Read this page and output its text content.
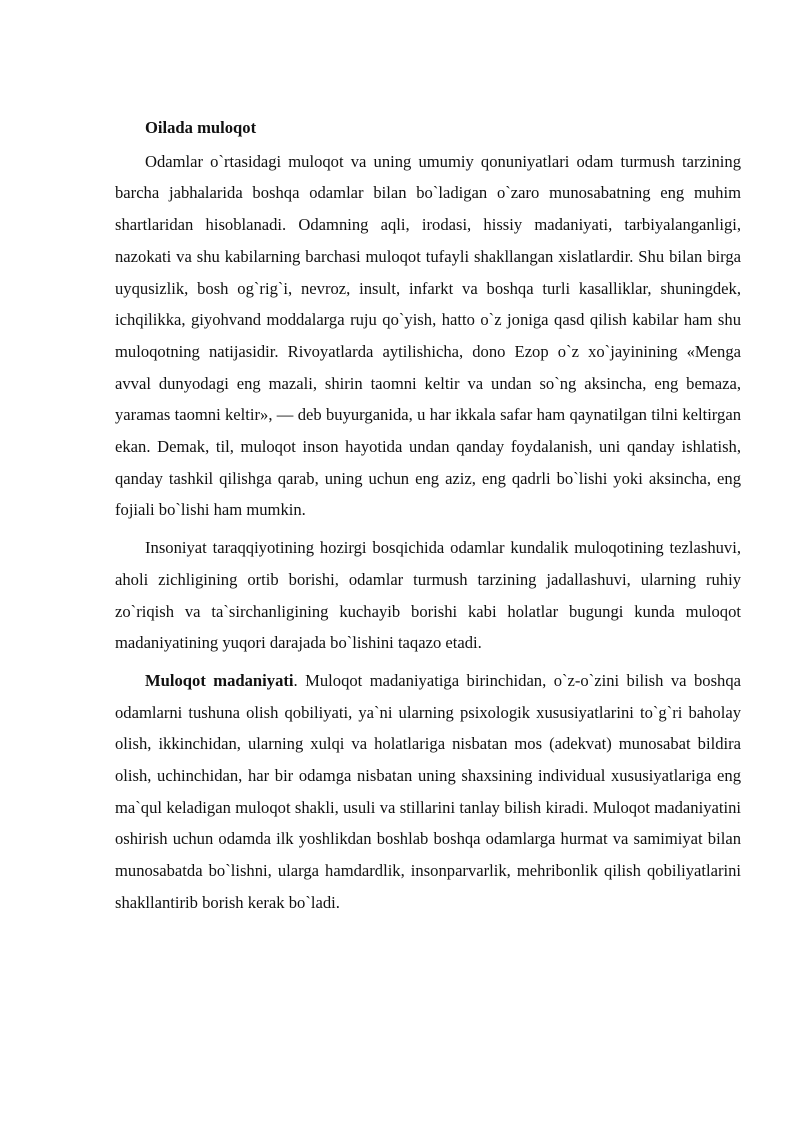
Oilada muloqot

Odamlar o`rtasidagi muloqot va uning umumiy qonuniyatlari odam turmush tarzining barcha jabhalarida boshqa odamlar bilan bo`ladigan o`zaro munosabatning eng muhim shartlaridan hisoblanadi. Odamning aqli, irodasi, hissiy madaniyati, tarbiyalanganligi, nazokati va shu kabilarning barchasi muloqot tufayli shakllangan xislatlardir. Shu bilan birga uyqusizlik, bosh og`rig`i, nevroz, insult, infarkt va boshqa turli kasalliklar, shuningdek, ichqilikka, giyohvand moddalarga ruju qo`yish, hatto o`z joniga qasd qilish kabilar ham shu muloqotning natijasidir. Rivoyatlarda aytilishicha, dono Ezop o`z xo`jayinining «Menga avval dunyodagi eng mazali, shirin taomni keltir va undan so`ng aksincha, eng bemaza, yaramas taomni keltir», — deb buyurganida, u har ikkala safar ham qaynatilgan tilni keltirgan ekan. Demak, til, muloqot inson hayotida undan qanday foydalanish, uni qanday ishlatish, qanday tashkil qilishga qarab, uning uchun eng aziz, eng qadrli bo`lishi yoki aksincha, eng fojiali bo`lishi ham mumkin.

Insoniyat taraqqiyotining hozirgi bosqichida odamlar kundalik muloqotining tezlashuvi, aholi zichligining ortib borishi, odamlar turmush tarzining jadallashuvi, ularning ruhiy zo`riqish va ta`sirchanligining kuchayib borishi kabi holatlar bugungi kunda muloqot madaniyatining yuqori darajada bo`lishini taqazo etadi.

Muloqot madaniyati. Muloqot madaniyatiga birinchidan, o`z-o`zini bilish va boshqa odamlarni tushuna olish qobiliyati, ya`ni ularning psixologik xususiyatlarini to`g`ri baholay olish, ikkinchidan, ularning xulqi va holatlariga nisbatan mos (adekvat) munosabat bildira olish, uchinchidan, har bir odamga nisbatan uning shaxsining individual xususiyatlariga eng ma`qul keladigan muloqot shakli, usuli va stillarini tanlay bilish kiradi. Muloqot madaniyatini oshirish uchun odamda ilk yoshlikdan boshlab boshqa odamlarga hurmat va samimiyat bilan munosabatda bo`lishni, ularga hamdardlik, insonparvarlik, mehribonlik qilish qobiliyatlarini shakllantirib borish kerak bo`ladi.
